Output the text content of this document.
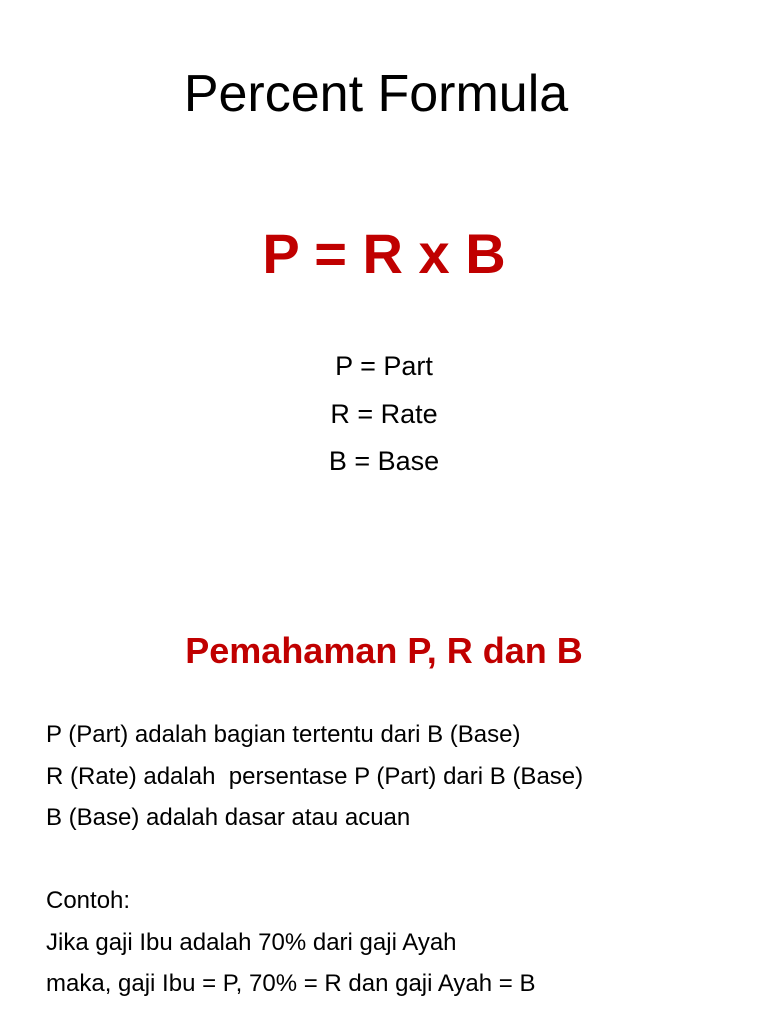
Percent Formula
P = R x B
P = Part
R = Rate
B = Base
Pemahaman P, R dan B
P (Part) adalah bagian tertentu dari B (Base)
R (Rate) adalah  persentase P (Part) dari B (Base)
B (Base) adalah dasar atau acuan
Contoh:
Jika gaji Ibu adalah 70% dari gaji Ayah
maka, gaji Ibu = P, 70% = R dan gaji Ayah = B
